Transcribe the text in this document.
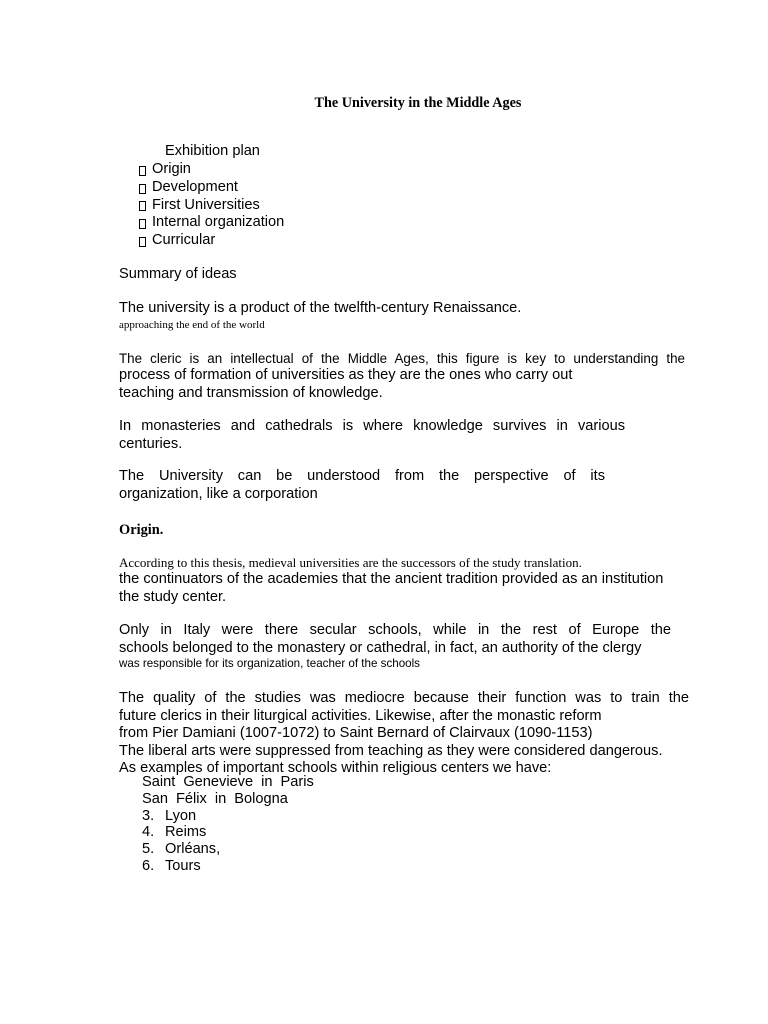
The University in the Middle Ages
Exhibition plan
Origin
Development
First Universities
Internal organization
Curricular
Summary of ideas
The university is a product of the twelfth-century Renaissance.
approaching the end of the world
The cleric is an intellectual of the Middle Ages, this figure is key to understanding the
process of formation of universities as they are the ones who carry out
teaching and transmission of knowledge.
In monasteries and cathedrals is where knowledge survives in various
centuries.
The University can be understood from the perspective of its
organization, like a corporation
Origin.
According to this thesis, medieval universities are the successors of the study translation.
the continuators of the academies that the ancient tradition provided as an institution
the study center.
Only in Italy were there secular schools, while in the rest of Europe the
schools belonged to the monastery or cathedral, in fact, an authority of the clergy
was responsible for its organization, teacher of the schools
The quality of the studies was mediocre because their function was to train the
future clerics in their liturgical activities. Likewise, after the monastic reform
from Pier Damiani (1007-1072) to Saint Bernard of Clairvaux (1090-1153)
The liberal arts were suppressed from teaching as they were considered dangerous.
As examples of important schools within religious centers we have:
Saint Genevieve in Paris
San Félix in Bologna
3. Lyon
4. Reims
5. Orléans,
6. Tours
